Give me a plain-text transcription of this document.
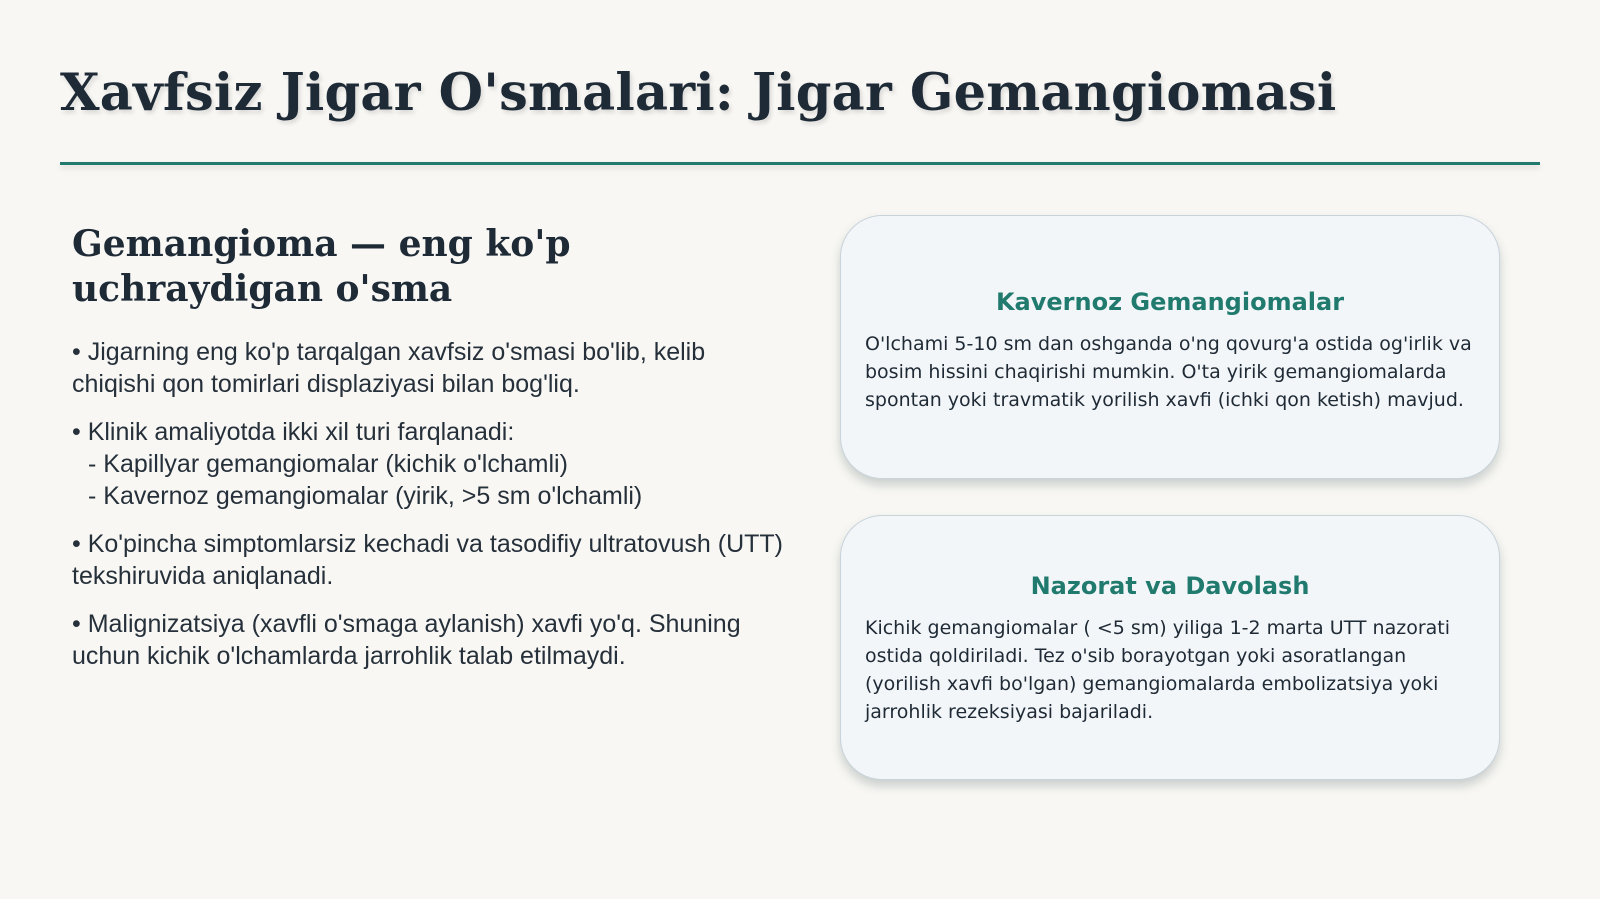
Xavfsiz Jigar O'smalari: Jigar Gemangiomasi
Gemangioma — eng ko'p uchraydigan o'sma
• Jigarning eng ko'p tarqalgan xavfsiz o'smasi bo'lib, kelib chiqishi qon tomirlari displaziyasi bilan bog'liq.
• Klinik amaliyotda ikki xil turi farqlanadi:
- Kapillyar gemangiomalar (kichik o'lchamli)
- Kavernoz gemangiomalar (yirik, >5 sm o'lchamli)
• Ko'pincha simptomlarsiz kechadi va tasodifiy ultratovush (UTT) tekshiruvida aniqlanadi.
• Malignizatsiya (xavfli o'smaga aylanish) xavfi yo'q. Shuning uchun kichik o'lchamlarda jarrohlik talab etilmaydi.
Kavernoz Gemangiomalar

O'lchami 5-10 sm dan oshganda o'ng qovurg'a ostida og'irlik va bosim hissini chaqirishi mumkin. O'ta yirik gemangiomalarda spontan yoki travmatik yorilish xavfi (ichki qon ketish) mavjud.

Nazorat va Davolash

Kichik gemangiomalar ( <5 sm) yiliga 1-2 marta UTT nazorati ostida qoldiriladi. Tez o'sib borayotgan yoki asoratlangan (yorilish xavfi bo'lgan) gemangiomalarda embolizatsiya yoki jarrohlik rezeksiyasi bajariladi.
